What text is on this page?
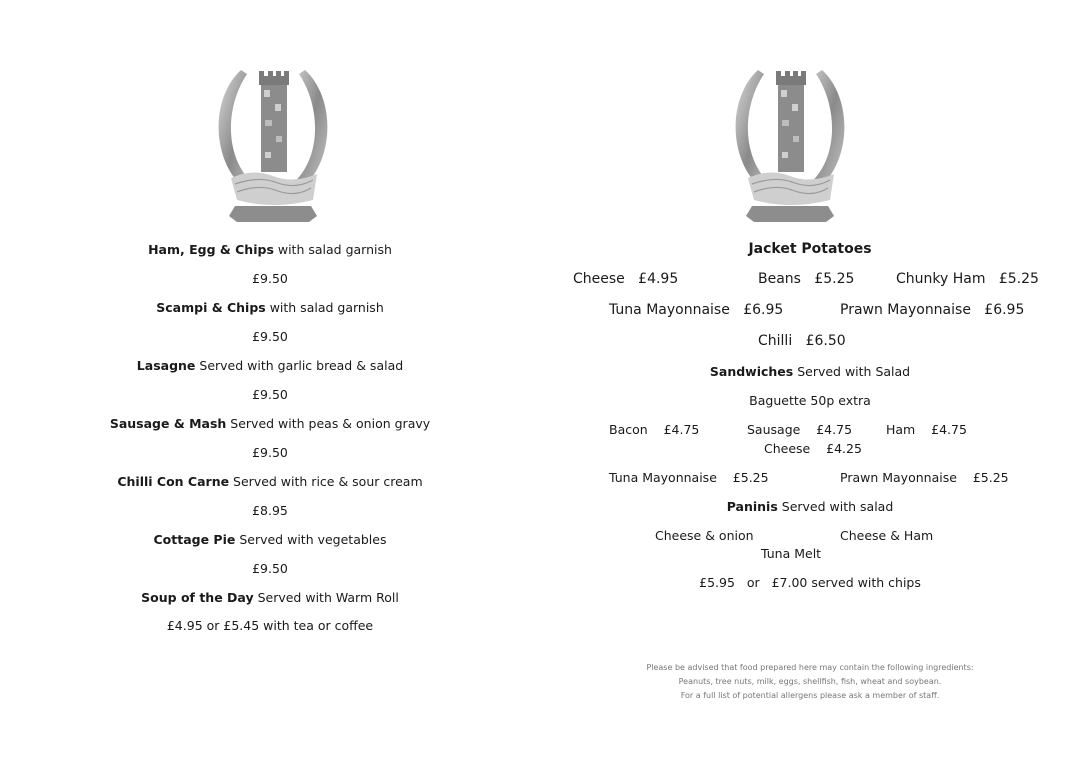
Ham, Egg & Chips with salad garnish
£9.50
Scampi & Chips with salad garnish
£9.50
Lasagne Served with garlic bread & salad
£9.50
Sausage & Mash Served with peas & onion gravy
£9.50
Chilli Con Carne Served with rice & sour cream
£8.95
Cottage Pie Served with vegetables
£9.50
Soup of the Day Served with Warm Roll
£4.95 or £5.45 with tea or coffee
Jacket Potatoes
Cheese £4.95	Beans £5.25	Chunky Ham £5.25
Tuna Mayonnaise £6.95	Prawn Mayonnaise £6.95
Chilli £6.50
Sandwiches Served with Salad
Baguette 50p extra
Bacon £4.75	Sausage £4.75	Ham £4.75
Cheese £4.25
Tuna Mayonnaise £5.25	Prawn Mayonnaise £5.25
Paninis Served with salad
Cheese & onion	Cheese & Ham
Tuna Melt
£5.95 or £7.00 served with chips
Please be advised that food prepared here may contain the following ingredients:
Peanuts, tree nuts, milk, eggs, shellfish, fish, wheat and soybean.
For a full list of potential allergens please ask a member of staff.
